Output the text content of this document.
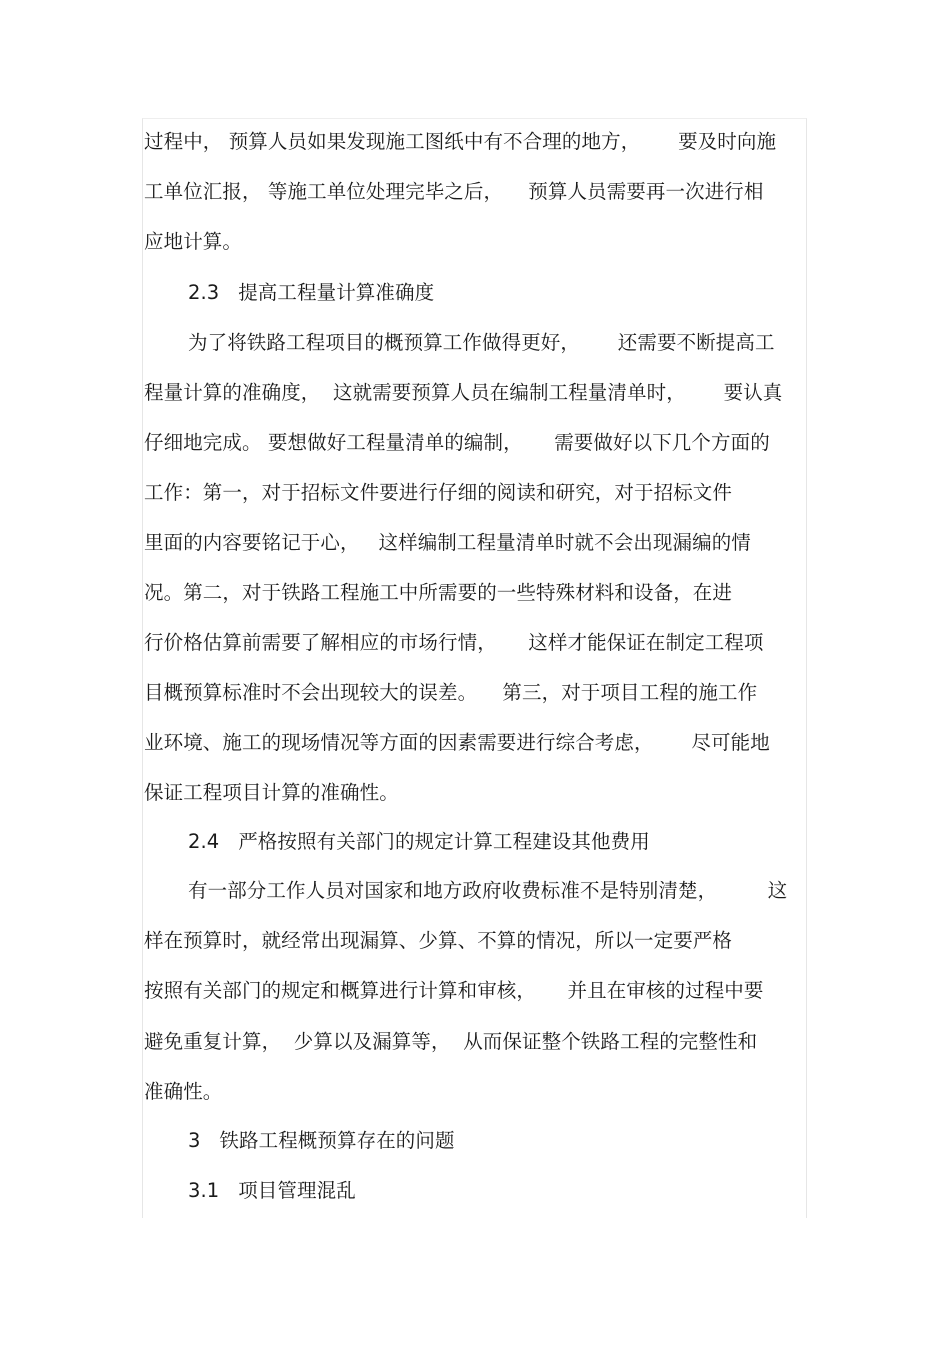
过程中， 预算人员如果发现施工图纸中有不合理的地方，      要及时向施
工单位汇报， 等施工单位处理完毕之后，    预算人员需要再一次进行相
应地计算。
2.3   提高工程量计算准确度
为了将铁路工程项目的概预算工作做得更好，      还需要不断提高工
程量计算的准确度，  这就需要预算人员在编制工程量清单时，      要认真
仔细地完成。 要想做好工程量清单的编制，     需要做好以下几个方面的
工作：第一，对于招标文件要进行仔细的阅读和研究，对于招标文件
里面的内容要铭记于心，   这样编制工程量清单时就不会出现漏编的情
况。第二，对于铁路工程施工中所需要的一些特殊材料和设备，在进
行价格估算前需要了解相应的市场行情，     这样才能保证在制定工程项
目概预算标准时不会出现较大的误差。    第三，对于项目工程的施工作
业环境、施工的现场情况等方面的因素需要进行综合考虑，      尽可能地
保证工程项目计算的准确性。
2.4   严格按照有关部门的规定计算工程建设其他费用
有一部分工作人员对国家和地方政府收费标准不是特别清楚，        这
样在预算时，就经常出现漏算、少算、不算的情况，所以一定要严格
按照有关部门的规定和概算进行计算和审核，     并且在审核的过程中要
避免重复计算，  少算以及漏算等，  从而保证整个铁路工程的完整性和
准确性。
3   铁路工程概预算存在的问题
3.1   项目管理混乱
